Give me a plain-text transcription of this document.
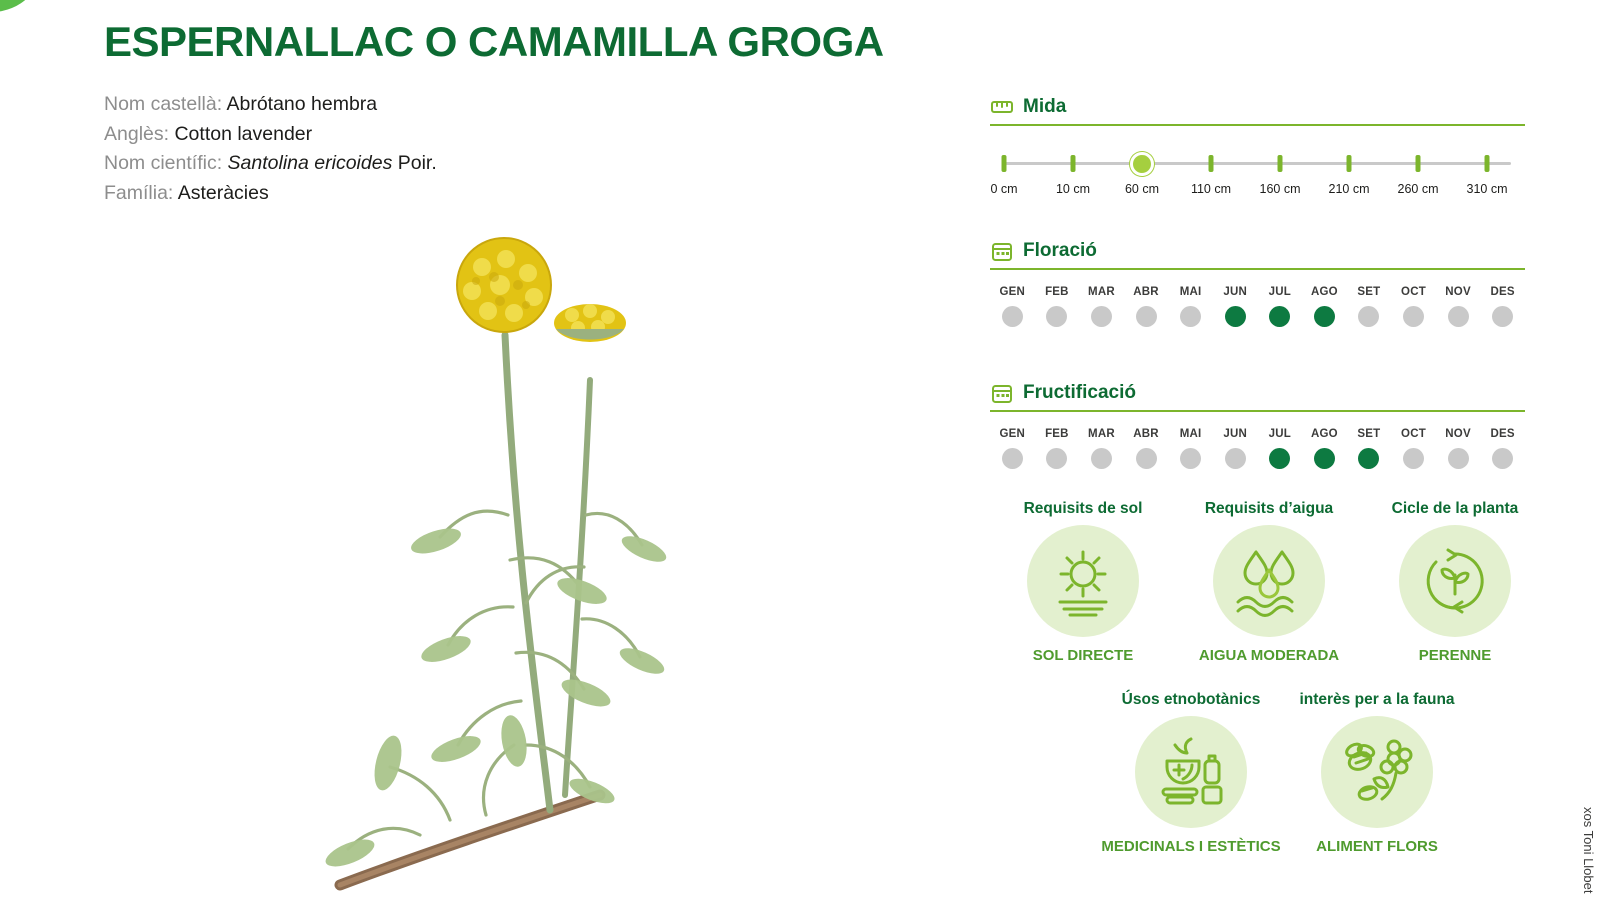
ESPERNALLAC O CAMAMILLA GROGA
Nom castellà: Abrótano hembra
Anglès: Cotton lavender
Nom científic: Santolina ericoides Poir.
Família: Asteràcies
Mida
0 cm	10 cm	60 cm	110 cm 160 cm 210 cm 260 cm 310 cm
Floració
GEN	FEB	MAR	ABR	MAI	JUN	JUL	AGO	SET	OCT	NOV	DES
Fructificació
GEN	FEB	MAR	ABR	MAI	JUN	JUL	AGO	SET	OCT	NOV	DES
Requisits de sol
SOL DIRECTE
Requisits d’aigua
AIGUA MODERADA
Cicle de la planta
PERENNE
Úsos etnobotànics
MEDICINALS I ESTÈTICS
interès per a la fauna
ALIMENT FLORS	xos Toni Llobet
